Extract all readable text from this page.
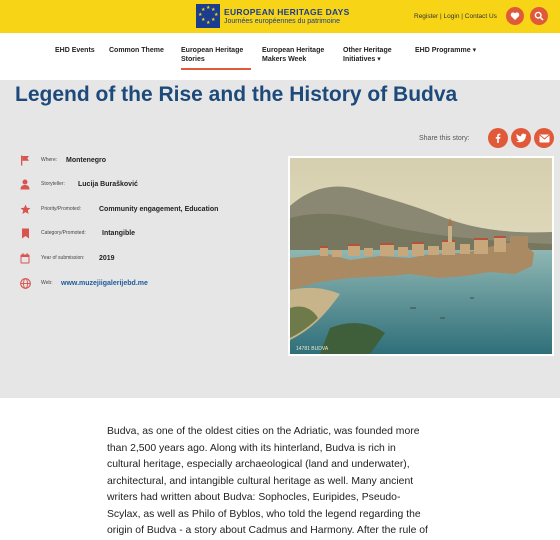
★ ★
★
★
★
★
★
★ EUROPEAN HERITAGE DAYS
Journées européennes du patrimoine
Register | Login | Contact Us
EHD Events Common Theme European Heritage
Stories
European Heritage
Makers Week
Other Heritage
Initiatives ▾
EHD Programme ▾
Legend of the Rise and the History of Budva
Share this story:
Where: Montenegro
Storyteller: Lucija Burašković
Priority/Promoted:	Community engagement, Education
Category/Promoted: Intangible
Year of submission: 2019
Web: www.muzejiigalerijebd.me
14781 BUDVA
Budva, as one of the oldest cities on the Adriatic, was founded more
than 2,500 years ago. Along with its hinterland, Budva is rich in
cultural heritage, especially archaeological (land and underwater),
architectural, and intangible cultural heritage as well. Many ancient
writers had written about Budva: Sophocles, Euripides, Pseudo-
Scylax, as well as Philo of Byblos, who told the legend regarding the
origin of Budva - a story about Cadmus and Harmony. After the rule of
